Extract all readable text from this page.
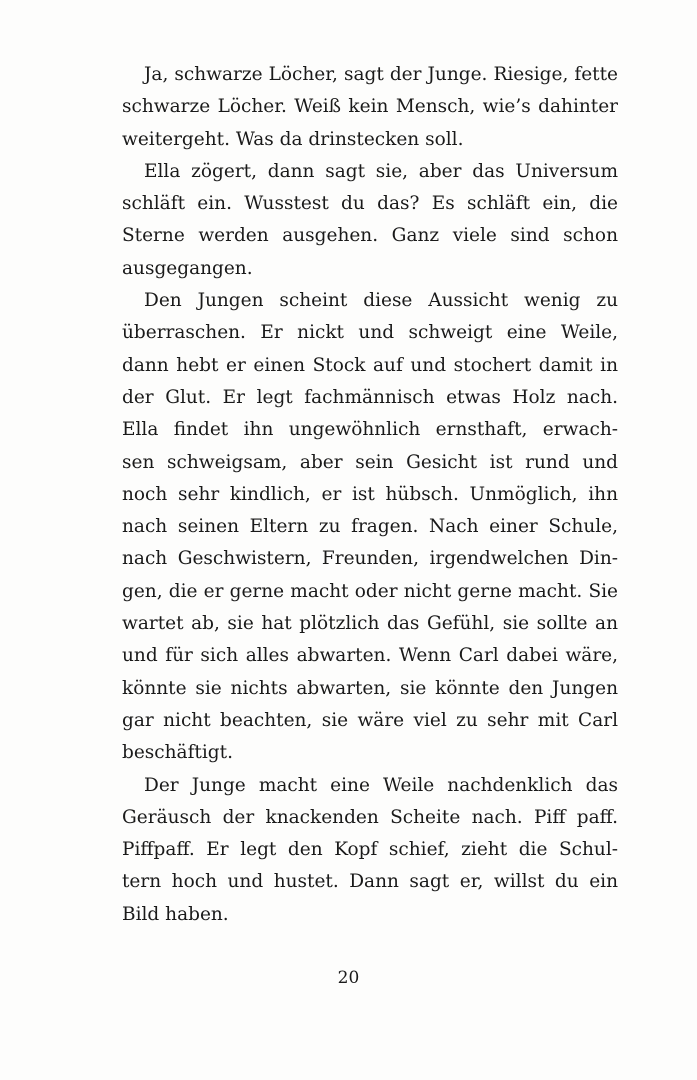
Ja, schwarze Löcher, sagt der Junge. Riesige, fette
schwarze Löcher. Weiß kein Mensch, wie’s dahinter
weitergeht. Was da drinstecken soll.
Ella zögert, dann sagt sie, aber das Universum
schläft ein. Wusstest du das? Es schläft ein, die
Sterne werden ausgehen. Ganz viele sind schon
ausgegangen.
Den Jungen scheint diese Aussicht wenig zu
überraschen. Er nickt und schweigt eine Weile,
dann hebt er einen Stock auf und stochert damit in
der Glut. Er legt fachmännisch etwas Holz nach.
Ella findet ihn ungewöhnlich ernsthaft, erwach-
sen schweigsam, aber sein Gesicht ist rund und
noch sehr kindlich, er ist hübsch. Unmöglich, ihn
nach seinen Eltern zu fragen. Nach einer Schule,
nach Geschwistern, Freunden, irgendwelchen Din-
gen, die er gerne macht oder nicht gerne macht. Sie
wartet ab, sie hat plötzlich das Gefühl, sie sollte an
und für sich alles abwarten. Wenn Carl dabei wäre,
könnte sie nichts abwarten, sie könnte den Jungen
gar nicht beachten, sie wäre viel zu sehr mit Carl
beschäftigt.
Der Junge macht eine Weile nachdenklich das
Geräusch der knackenden Scheite nach. Piff paff.
Piffpaff. Er legt den Kopf schief, zieht die Schul-
tern hoch und hustet. Dann sagt er, willst du ein
Bild haben.
20
